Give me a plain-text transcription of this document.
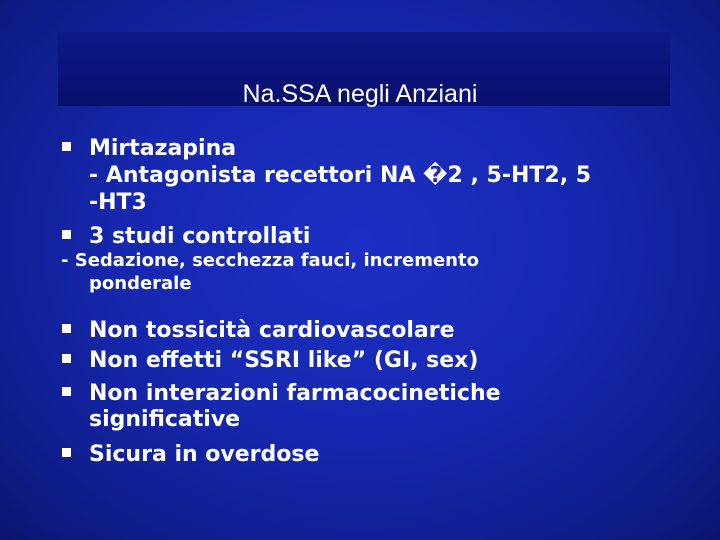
Na.SSA negli Anziani
Mirtazapina
- Antagonista recettori NA �2 , 5-HT2, 5
-HT3
3 studi controllati
- Sedazione, secchezza fauci, incremento
ponderale
Non tossicità cardiovascolare
Non effetti “SSRI like” (GI, sex)
Non interazioni farmacocinetiche
significative
Sicura in overdose
